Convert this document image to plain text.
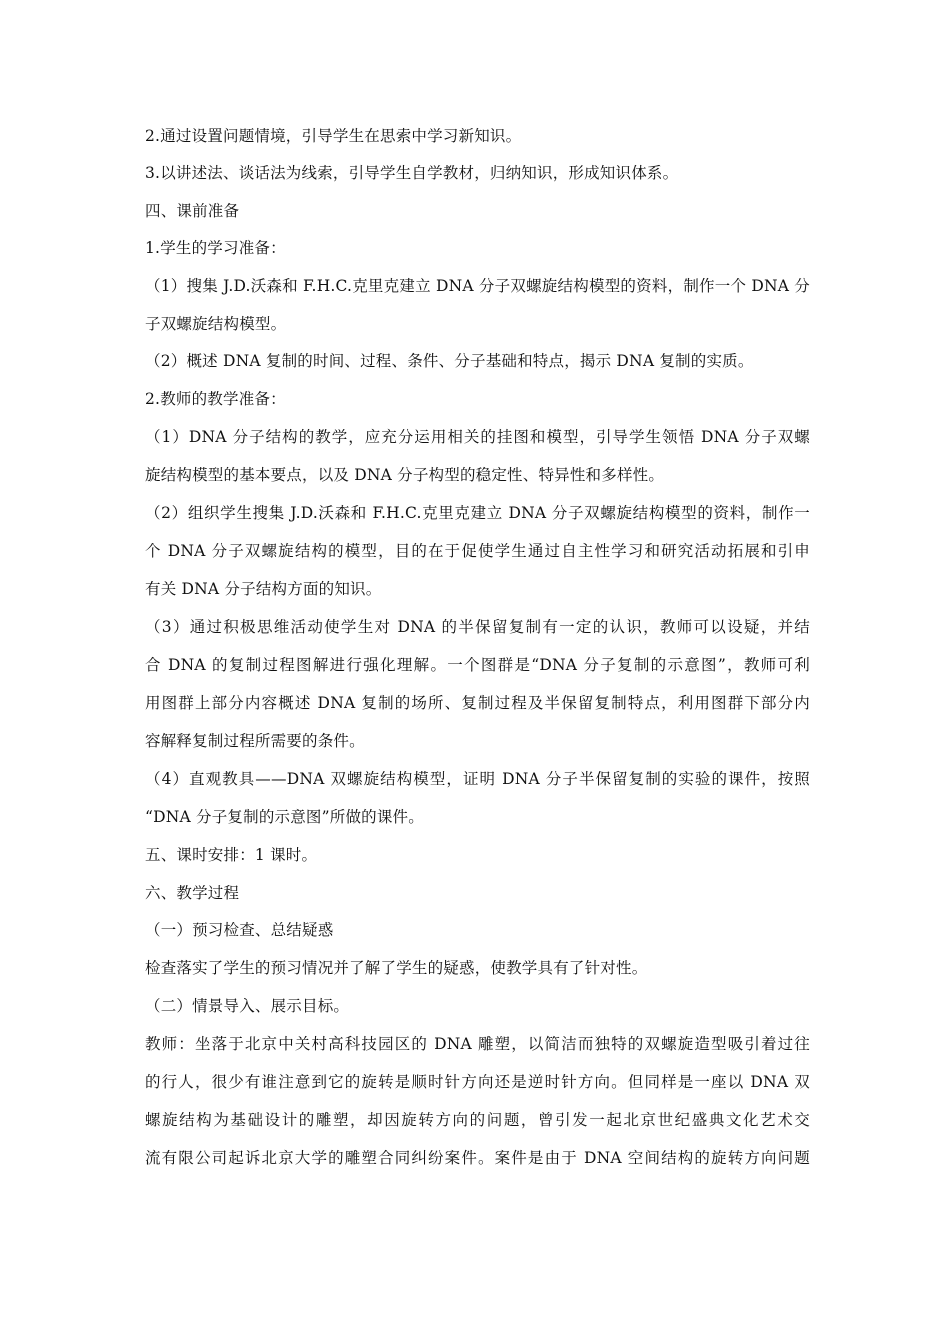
2.通过设置问题情境，引导学生在思索中学习新知识。
3.以讲述法、谈话法为线索，引导学生自学教材，归纳知识，形成知识体系。
四、课前准备
1.学生的学习准备：
（1）搜集 J.D.沃森和 F.H.C.克里克建立 DNA 分子双螺旋结构模型的资料，制作一个 DNA 分
子双螺旋结构模型。
（2）概述 DNA 复制的时间、过程、条件、分子基础和特点，揭示 DNA 复制的实质。
2.教师的教学准备：
（1）DNA 分子结构的教学，应充分运用相关的挂图和模型，引导学生领悟 DNA 分子双螺
旋结构模型的基本要点，以及 DNA 分子构型的稳定性、特异性和多样性。
（2）组织学生搜集 J.D.沃森和 F.H.C.克里克建立 DNA 分子双螺旋结构模型的资料，制作一
个 DNA 分子双螺旋结构的模型，目的在于促使学生通过自主性学习和研究活动拓展和引申
有关 DNA 分子结构方面的知识。
（3）通过积极思维活动使学生对 DNA 的半保留复制有一定的认识，教师可以设疑，并结
合 DNA 的复制过程图解进行强化理解。一个图群是“DNA 分子复制的示意图”，教师可利
用图群上部分内容概述 DNA 复制的场所、复制过程及半保留复制特点，利用图群下部分内
容解释复制过程所需要的条件。
（4）直观教具——DNA 双螺旋结构模型，证明 DNA 分子半保留复制的实验的课件，按照
“DNA 分子复制的示意图”所做的课件。
五、课时安排：1 课时。
六、教学过程
（一）预习检查、总结疑惑
检查落实了学生的预习情况并了解了学生的疑惑，使教学具有了针对性。
（二）情景导入、展示目标。
教师：坐落于北京中关村高科技园区的 DNA 雕塑，以简洁而独特的双螺旋造型吸引着过往
的行人，很少有谁注意到它的旋转是顺时针方向还是逆时针方向。但同样是一座以 DNA 双
螺旋结构为基础设计的雕塑，却因旋转方向的问题，曾引发一起北京世纪盛典文化艺术交
流有限公司起诉北京大学的雕塑合同纠纷案件。案件是由于 DNA 空间结构的旋转方向问题
